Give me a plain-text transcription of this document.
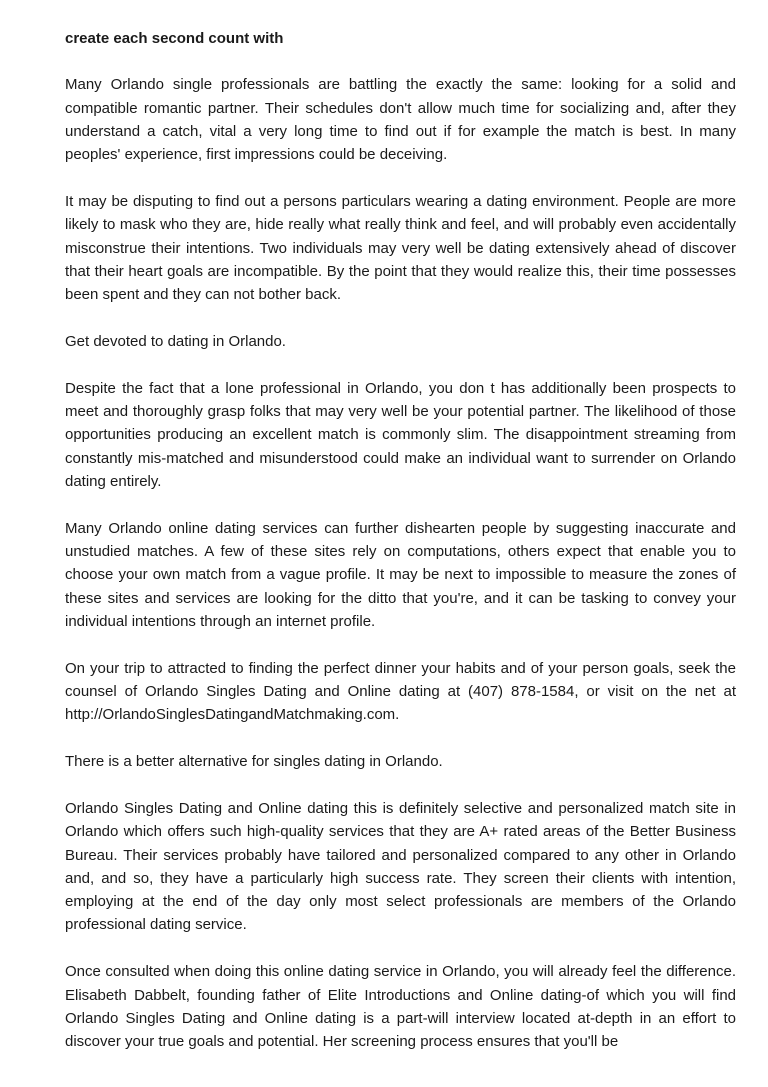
create each second count with

Many Orlando single professionals are battling the exactly the same: looking for a solid and compatible romantic partner. Their schedules don't allow much time for socializing and, after they understand a catch, vital a very long time to find out if for example the match is best. In many peoples' experience, first impressions could be deceiving.

It may be disputing to find out a persons particulars wearing a dating environment. People are more likely to mask who they are, hide really what really think and feel, and will probably even accidentally misconstrue their intentions. Two individuals may very well be dating extensively ahead of discover that their heart goals are incompatible. By the point that they would realize this, their time possesses been spent and they can not bother back.

Get devoted to dating in Orlando.

Despite the fact that a lone professional in Orlando, you don t has additionally been prospects to meet and thoroughly grasp folks that may very well be your potential partner. The likelihood of those opportunities producing an excellent match is commonly slim. The disappointment streaming from constantly mis-matched and misunderstood could make an individual want to surrender on Orlando dating entirely.

Many Orlando online dating services can further dishearten people by suggesting inaccurate and unstudied matches. A few of these sites rely on computations, others expect that enable you to choose your own match from a vague profile. It may be next to impossible to measure the zones of these sites and services are looking for the ditto that you're, and it can be tasking to convey your individual intentions through an internet profile.

On your trip to attracted to finding the perfect dinner your habits and of your person goals, seek the counsel of Orlando Singles Dating and Online dating at (407) 878-1584, or visit on the net at http://OrlandoSinglesDatingandMatchmaking.com.

There is a better alternative for singles dating in Orlando.

Orlando Singles Dating and Online dating this is definitely selective and personalized match site in Orlando which offers such high-quality services that they are A+ rated areas of the Better Business Bureau. Their services probably have tailored and personalized compared to any other in Orlando and, and so, they have a particularly high success rate. They screen their clients with intention, employing at the end of the day only most select professionals are members of the Orlando professional dating service.

Once consulted when doing this online dating service in Orlando, you will already feel the difference. Elisabeth Dabbelt, founding father of Elite Introductions and Online dating-of which you will find Orlando Singles Dating and Online dating is a part-will interview located at-depth in an effort to discover your true goals and potential. Her screening process ensures that you'll be
